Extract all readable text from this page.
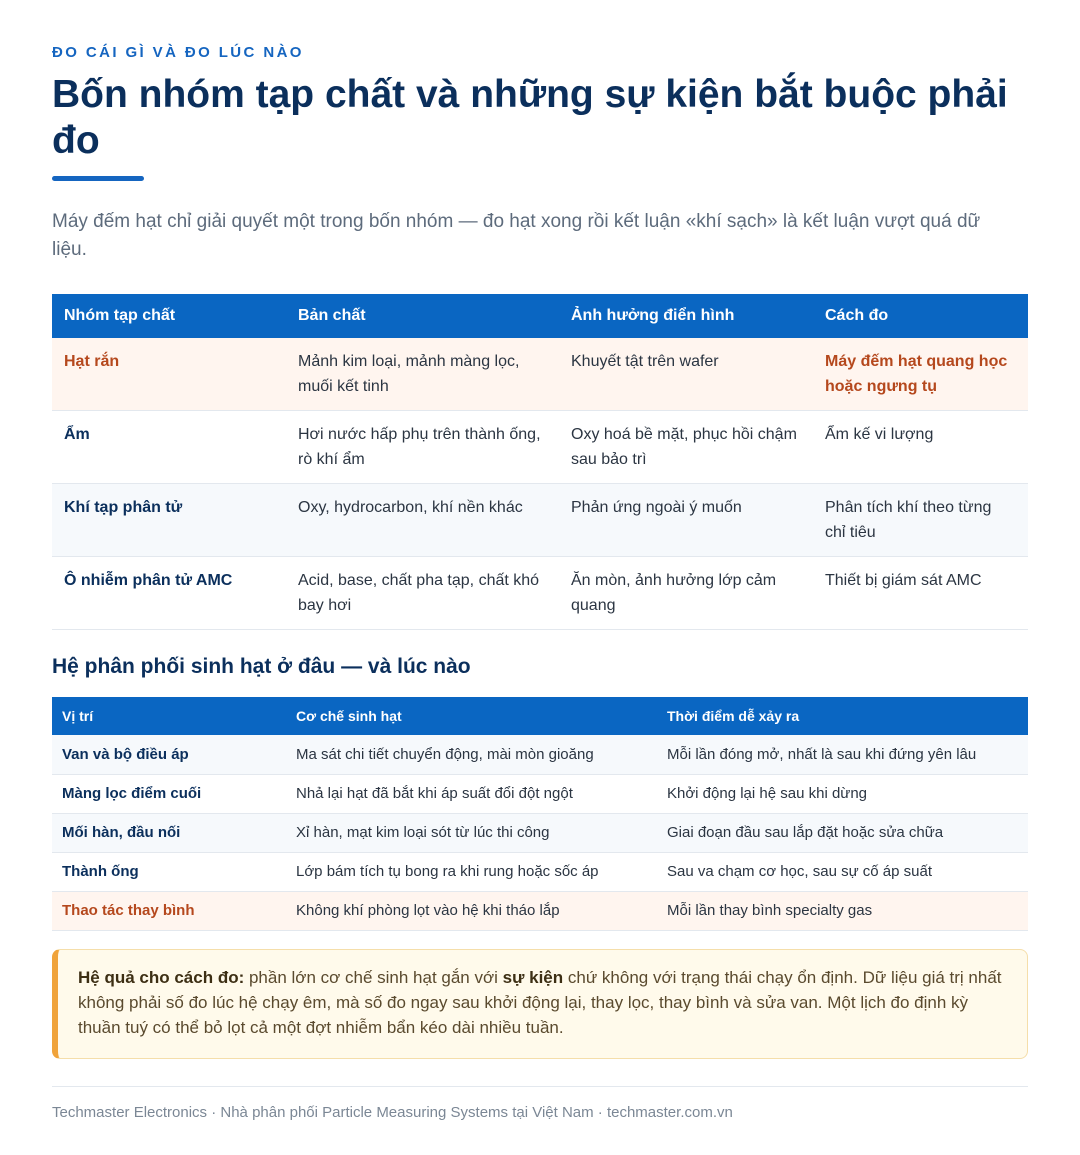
ĐO CÁI GÌ VÀ ĐO LÚC NÀO
Bốn nhóm tạp chất và những sự kiện bắt buộc phải đo

Máy đếm hạt chỉ giải quyết một trong bốn nhóm — đo hạt xong rồi kết luận «khí sạch» là kết luận vượt quá dữ liệu.

Nhóm tạp chất	Bản chất	Ảnh hưởng điển hình	Cách đo
Hạt rắn	Mảnh kim loại, mảnh màng lọc, muối kết tinh	Khuyết tật trên wafer	Máy đếm hạt quang học hoặc ngưng tụ
Ẩm	Hơi nước hấp phụ trên thành ống, rò khí ẩm	Oxy hoá bề mặt, phục hồi chậm sau bảo trì	Ẩm kế vi lượng
Khí tạp phân tử	Oxy, hydrocarbon, khí nền khác	Phản ứng ngoài ý muốn	Phân tích khí theo từng chỉ tiêu
Ô nhiễm phân tử AMC	Acid, base, chất pha tạp, chất khó bay hơi	Ăn mòn, ảnh hưởng lớp cảm quang	Thiết bị giám sát AMC
Hệ phân phối sinh hạt ở đâu — và lúc nào
Vị trí	Cơ chế sinh hạt	Thời điểm dễ xảy ra
Van và bộ điều áp	Ma sát chi tiết chuyển động, mài mòn gioăng	Mỗi lần đóng mở, nhất là sau khi đứng yên lâu
Màng lọc điểm cuối	Nhả lại hạt đã bắt khi áp suất đổi đột ngột	Khởi động lại hệ sau khi dừng
Mối hàn, đầu nối	Xỉ hàn, mạt kim loại sót từ lúc thi công	Giai đoạn đầu sau lắp đặt hoặc sửa chữa
Thành ống	Lớp bám tích tụ bong ra khi rung hoặc sốc áp	Sau va chạm cơ học, sau sự cố áp suất
Thao tác thay bình	Không khí phòng lọt vào hệ khi tháo lắp	Mỗi lần thay bình specialty gas
Hệ quả cho cách đo: phần lớn cơ chế sinh hạt gắn với sự kiện chứ không với trạng thái chạy ổn định. Dữ liệu giá trị nhất không phải số đo lúc hệ chạy êm, mà số đo ngay sau khởi động lại, thay lọc, thay bình và sửa van. Một lịch đo định kỳ thuần tuý có thể bỏ lọt cả một đợt nhiễm bẩn kéo dài nhiều tuần.
Techmaster Electronics · Nhà phân phối Particle Measuring Systems tại Việt Nam · techmaster.com.vn
